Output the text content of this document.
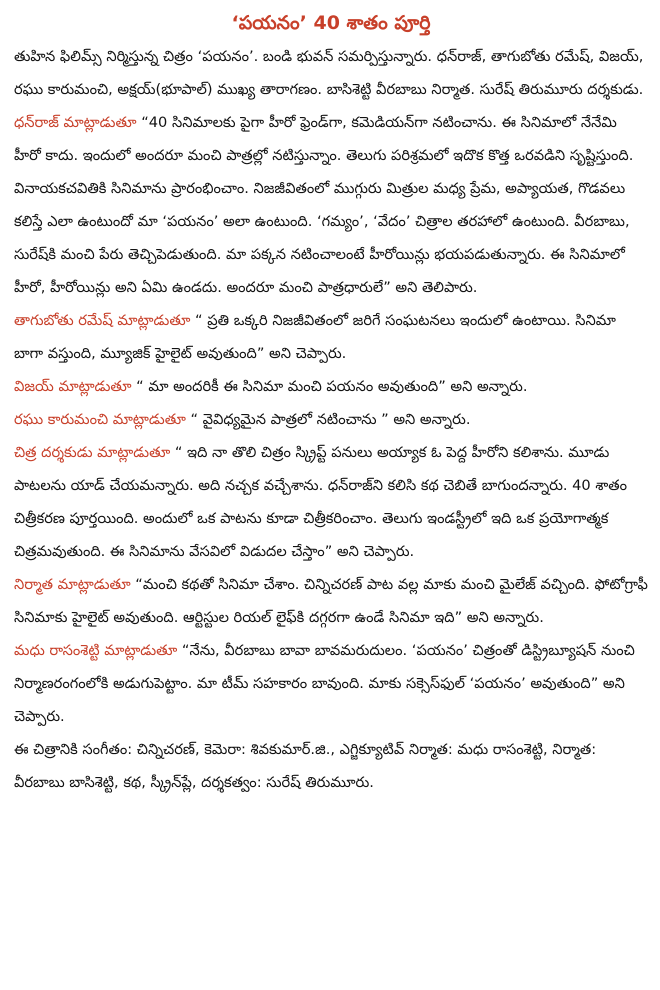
‘పయనం’ 40 శాతం పూర్తి

తుహిన ఫిలిమ్స్ నిర్మిస్తున్న చిత్రం ‘పయనం’. బండి భువన్ సమర్పిస్తున్నారు. ధన్‌రాజ్, తాగుబోతు రమేష్, విజయ్, రఘు కారుమంచి, అక్షయ్(భూపాల్) ముఖ్య తారాగణం. బాసిశెట్టి వీరబాబు నిర్మాత. సురేష్ తిరుమూరు దర్శకుడు.

ధన్‌రాజ్ మాట్లాడుతూ “40 సినిమాలకు పైగా హీరో ఫ్రెండ్‌గా, కమెడియన్‌గా నటించాను. ఈ సినిమాలో నేనేమి హీరో కాదు. ఇందులో అందరూ మంచి పాత్రల్లో నటిస్తున్నాం. తెలుగు పరిశ్రమలో ఇదొక కొత్త ఒరవడిని సృష్టిస్తుంది. వినాయకచవితికి సినిమాను ప్రారంభించాం. నిజజీవితంలో ముగ్గురు మిత్రుల మధ్య ప్రేమ, అప్యాయత, గొడవలు కలిస్తే ఎలా ఉంటుందో మా ‘పయనం’ అలా ఉంటుంది. ‘గమ్యం’, ‘వేదం’ చిత్రాల తరహాలో ఉంటుంది. వీరబాబు, సురేష్‌కి మంచి పేరు తెచ్చిపెడుతుంది. మా పక్కన నటించాలంటే హీరోయిన్లు భయపడుతున్నారు. ఈ సినిమాలో హీరో, హీరోయిన్లు అని ఏమి ఉండదు. అందరూ మంచి పాత్రధారులే” అని తెలిపారు.

తాగుబోతు రమేష్ మాట్లాడుతూ “ ప్రతి ఒక్కరి నిజజీవితంలో జరిగే సంఘటనలు ఇందులో ఉంటాయి. సినిమా బాగా వస్తుంది, మ్యూజిక్ హైలైట్ అవుతుంది” అని చెప్పారు.

విజయ్ మాట్లాడుతూ “ మా అందరికీ ఈ సినిమా మంచి పయనం అవుతుంది” అని అన్నారు.

రఘు కారుమంచి మాట్లాడుతూ “ వైవిధ్యమైన పాత్రలో నటించాను ” అని అన్నారు.

చిత్ర దర్శకుడు మాట్లాడుతూ “ ఇది నా తొలి చిత్రం స్క్రిప్ట్ పనులు అయ్యాక ఓ పెద్ద హీరోని కలిశాను. మూడు పాటలను యాడ్ చేయమన్నారు. అది నచ్చక వచ్చేశాను. ధన్‌రాజ్‌ని కలిసి కథ చెబితే బాగుందన్నారు. 40 శాతం చిత్రీకరణ పూర్తయింది. అందులో ఒక పాటను కూడా చిత్రీకరించాం. తెలుగు ఇండస్ట్రీలో ఇది ఒక ప్రయోగాత్మక చిత్రమవుతుంది. ఈ సినిమాను వేసవిలో విడుదల చేస్తాం” అని చెప్పారు.

నిర్మాత మాట్లాడుతూ “మంచి కథతో సినిమా చేశాం. చిన్నిచరణ్ పాట వల్ల మాకు మంచి మైలేజ్ వచ్చింది. ఫోటోగ్రాఫీ సినిమాకు హైలైట్ అవుతుంది. ఆర్టిస్టుల రియల్ లైఫ్‌కి దగ్గరగా ఉండే సినిమా ఇది” అని అన్నారు.

మధు రాసంశెట్టి మాట్లాడుతూ “నేను, వీరబాబు బావా బావమరుదులం. ‘పయనం’ చిత్రంతో డిస్ట్రిబ్యూషన్ నుంచి నిర్మాణరంగంలోకి అడుగుపెట్టాం. మా టీమ్ సహకారం బావుంది. మాకు సక్సెస్‌ఫుల్ ‘పయనం’ అవుతుంది” అని చెప్పారు.

ఈ చిత్రానికి సంగీతం: చిన్నిచరణ్, కెమెరా: శివకుమార్.జి., ఎగ్జిక్యూటివ్ నిర్మాత: మధు రాసంశెట్టి, నిర్మాత: వీరబాబు బాసిశెట్టి, కథ, స్క్రీన్‌ప్లే, దర్శకత్వం: సురేష్ తిరుమూరు.
